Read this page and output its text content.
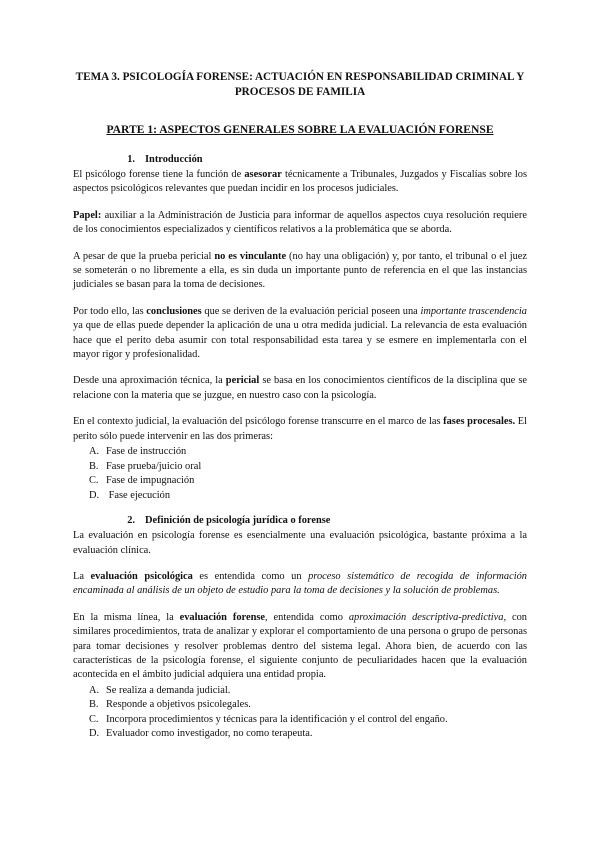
TEMA 3. PSICOLOGÍA FORENSE: ACTUACIÓN EN RESPONSABILIDAD CRIMINAL Y PROCESOS DE FAMILIA
PARTE 1: ASPECTOS GENERALES SOBRE LA EVALUACIÓN FORENSE
1. Introducción

El psicólogo forense tiene la función de asesorar técnicamente a Tribunales, Juzgados y Fiscalías sobre los aspectos psicológicos relevantes que puedan incidir en los procesos judiciales.

Papel: auxiliar a la Administración de Justicia para informar de aquellos aspectos cuya resolución requiere de los conocimientos especializados y científicos relativos a la problemática que se aborda.

A pesar de que la prueba pericial no es vinculante (no hay una obligación) y, por tanto, el tribunal o el juez se someterán o no libremente a ella, es sin duda un importante punto de referencia en el que las instancias judiciales se basan para la toma de decisiones.

Por todo ello, las conclusiones que se deriven de la evaluación pericial poseen una importante trascendencia ya que de ellas puede depender la aplicación de una u otra medida judicial. La relevancia de esta evaluación hace que el perito deba asumir con total responsabilidad esta tarea y se esmere en implementarla con el mayor rigor y profesionalidad.

Desde una aproximación técnica, la pericial se basa en los conocimientos científicos de la disciplina que se relacione con la materia que se juzgue, en nuestro caso con la psicología.

En el contexto judicial, la evaluación del psicólogo forense transcurre en el marco de las fases procesales. El perito sólo puede intervenir en las dos primeras:

A. Fase de instrucción
B. Fase prueba/juicio oral
C. Fase de impugnación
D. Fase ejecución
2. Definición de psicología jurídica o forense

La evaluación en psicología forense es esencialmente una evaluación psicológica, bastante próxima a la evaluación clínica.

La evaluación psicológica es entendida como un proceso sistemático de recogida de información encaminada al análisis de un objeto de estudio para la toma de decisiones y la solución de problemas.

En la misma línea, la evaluación forense, entendida como aproximación descriptiva-predictiva, con similares procedimientos, trata de analizar y explorar el comportamiento de una persona o grupo de personas para tomar decisiones y resolver problemas dentro del sistema legal. Ahora bien, de acuerdo con las características de la psicología forense, el siguiente conjunto de peculiaridades hacen que la evaluación acontecida en el ámbito judicial adquiera una entidad propia.

A. Se realiza a demanda judicial.
B. Responde a objetivos psicolegales.
C. Incorpora procedimientos y técnicas para la identificación y el control del engaño.
D. Evaluador como investigador, no como terapeuta.
